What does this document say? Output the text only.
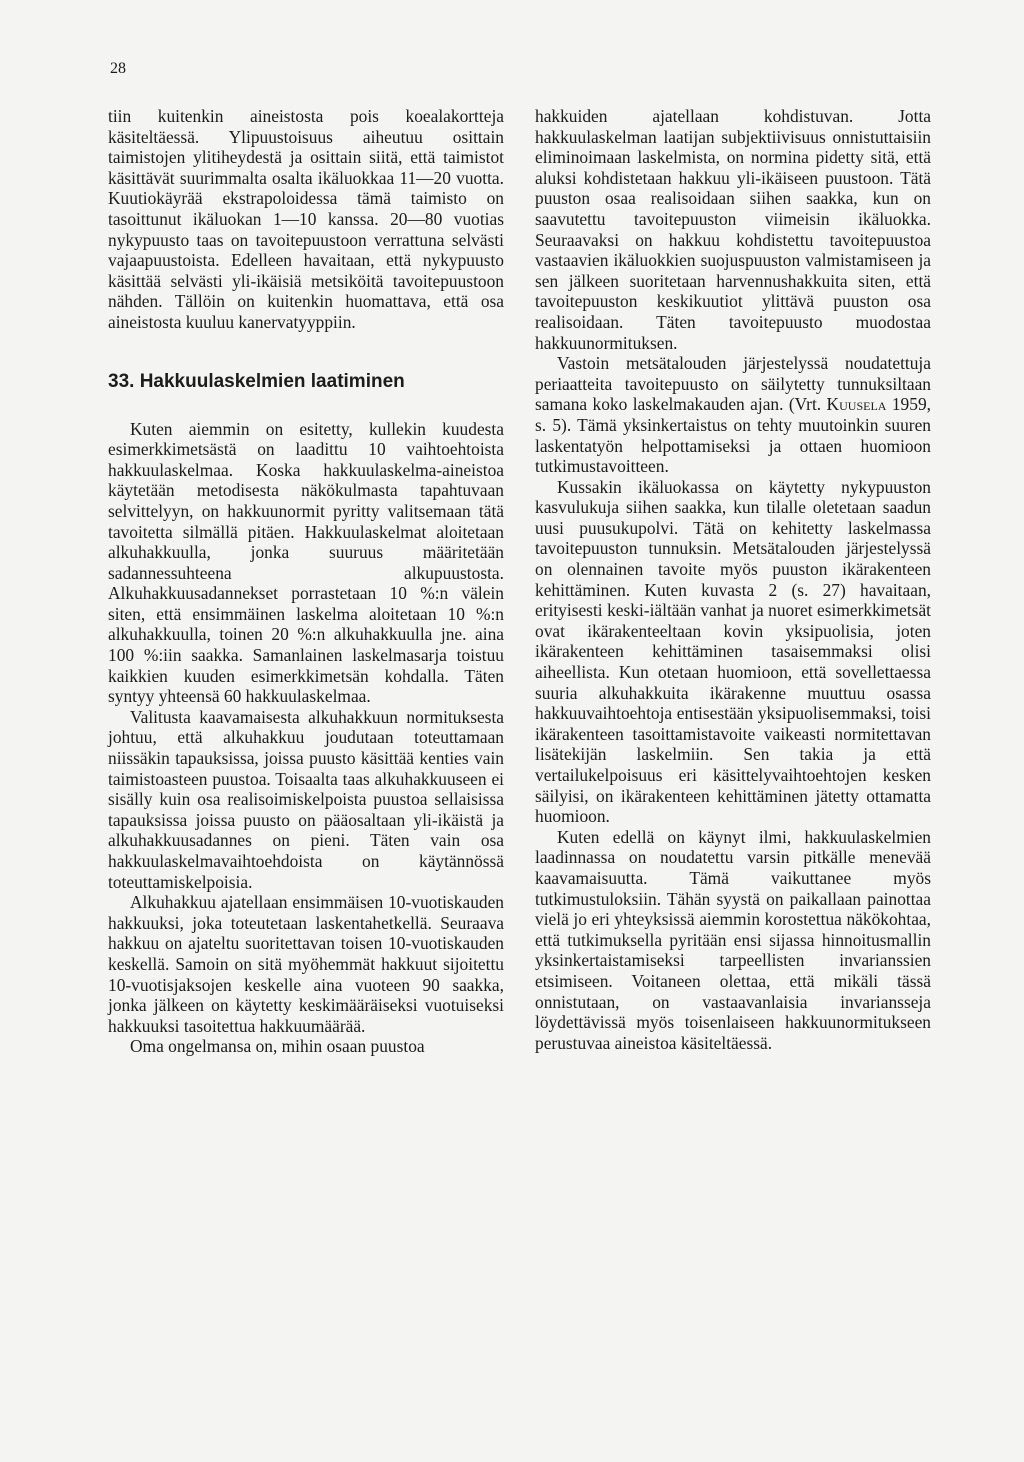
28

tiin kuitenkin aineistosta pois koealakortteja käsiteltäessä. Ylipuustoisuus aiheutuu osittain taimistojen ylitiheydestä ja osittain siitä, että taimistot käsittävät suurimmalta osalta ikäluokkaa 11—20 vuotta. Kuutiokäyrää ekstrapoloidessa tämä taimisto on tasoittunut ikäluokan 1—10 kanssa. 20—80 vuotias nykypuusto taas on tavoitepuustoon verrattuna selvästi vajaapuustoista. Edelleen havaitaan, että nykypuusto käsittää selvästi yli-ikäisiä metsiköitä tavoitepuustoon nähden. Tällöin on kuitenkin huomattava, että osa aineistosta kuuluu kanervatyyppiin.

33. Hakkuulaskelmien laatiminen

Kuten aiemmin on esitetty, kullekin kuudesta esimerkkimetsästä on laadittu 10 vaihtoehtoista hakkuulaskelmaa. Koska hakkuulaskelma-aineistoa käytetään metodisesta näkökulmasta tapahtuvaan selvittelyyn, on hakkuunormit pyritty valitsemaan tätä tavoitetta silmällä pitäen. Hakkuulaskelmat aloitetaan alkuhakkuulla, jonka suuruus määritetään sadannessuhteena alkupuustosta. Alkuhakkuusadannekset porrastetaan 10 %:n välein siten, että ensimmäinen laskelma aloitetaan 10 %:n alkuhakkuulla, toinen 20 %:n alkuhakkuulla jne. aina 100 %:iin saakka. Samanlainen laskelmasarja toistuu kaikkien kuuden esimerkkimetsän kohdalla. Täten syntyy yhteensä 60 hakkuulaskelmaa.

Valitusta kaavamaisesta alkuhakkuun normituksesta johtuu, että alkuhakkuu joudutaan toteuttamaan niissäkin tapauksissa, joissa puusto käsittää kenties vain taimistoasteen puustoa. Toisaalta taas alkuhakkuuseen ei sisälly kuin osa realisoimiskelpoista puustoa sellaisissa tapauksissa joissa puusto on pääosaltaan yli-ikäistä ja alkuhakkuusadannes on pieni. Täten vain osa hakkuulaskelmavaihtoehdoista on käytännössä toteuttamiskelpoisia.

Alkuhakkuu ajatellaan ensimmäisen 10-vuotiskauden hakkuuksi, joka toteutetaan laskentahetkellä. Seuraava hakkuu on ajateltu suoritettavan toisen 10-vuotiskauden keskellä. Samoin on sitä myöhemmät hakkuut sijoitettu 10-vuotisjaksojen keskelle aina vuoteen 90 saakka, jonka jälkeen on käytetty keskimääräiseksi vuotuiseksi hakkuuksi tasoitettua hakkuumäärää.

Oma ongelmansa on, mihin osaan puustoa

hakkuiden ajatellaan kohdistuvan. Jotta hakkuulaskelman laatijan subjektiivisuus onnistuttaisiin eliminoimaan laskelmista, on normina pidetty sitä, että aluksi kohdistetaan hakkuu yli-ikäiseen puustoon. Tätä puuston osaa realisoidaan siihen saakka, kun on saavutettu tavoitepuuston viimeisin ikäluokka. Seuraavaksi on hakkuu kohdistettu tavoitepuustoa vastaavien ikäluokkien suojuspuuston valmistamiseen ja sen jälkeen suoritetaan harvennushakkuita siten, että tavoitepuuston keskikuutiot ylittävä puuston osa realisoidaan. Täten tavoitepuusto muodostaa hakkuunormituksen.

Vastoin metsätalouden järjestelyssä noudatettuja periaatteita tavoitepuusto on säilytetty tunnuksiltaan samana koko laskelmakauden ajan. (Vrt. Kuusela 1959, s. 5). Tämä yksinkertaistus on tehty muutoinkin suuren laskentatyön helpottamiseksi ja ottaen huomioon tutkimustavoitteen.

Kussakin ikäluokassa on käytetty nykypuuston kasvulukuja siihen saakka, kun tilalle oletetaan saadun uusi puusukupolvi. Tätä on kehitetty laskelmassa tavoitepuuston tunnuksin. Metsätalouden järjestelyssä on olennainen tavoite myös puuston ikärakenteen kehittäminen. Kuten kuvasta 2 (s. 27) havaitaan, erityisesti keski-iältään vanhat ja nuoret esimerkkimetsät ovat ikärakenteeltaan kovin yksipuolisia, joten ikärakenteen kehittäminen tasaisemmaksi olisi aiheellista. Kun otetaan huomioon, että sovellettaessa suuria alkuhakkuita ikärakenne muuttuu osassa hakkuuvaihtoehtoja entisestään yksipuolisemmaksi, toisi ikärakenteen tasoittamistavoite vaikeasti normitettavan lisätekijän laskelmiin. Sen takia ja että vertailukelpoisuus eri käsittelyvaihtoehtojen kesken säilyisi, on ikärakenteen kehittäminen jätetty ottamatta huomioon.

Kuten edellä on käynyt ilmi, hakkuulaskelmien laadinnassa on noudatettu varsin pitkälle menevää kaavamaisuutta. Tämä vaikuttanee myös tutkimustuloksiin. Tähän syystä on paikallaan painottaa vielä jo eri yhteyksissä aiemmin korostettua näkökohtaa, että tutkimuksella pyritään ensi sijassa hinnoitusmallin yksinkertaistamiseksi tarpeellisten invarianssien etsimiseen. Voitaneen olettaa, että mikäli tässä onnistutaan, on vastaavanlaisia invariansseja löydettävissä myös toisenlaiseen hakkuunormitukseen perustuvaa aineistoa käsiteltäessä.
